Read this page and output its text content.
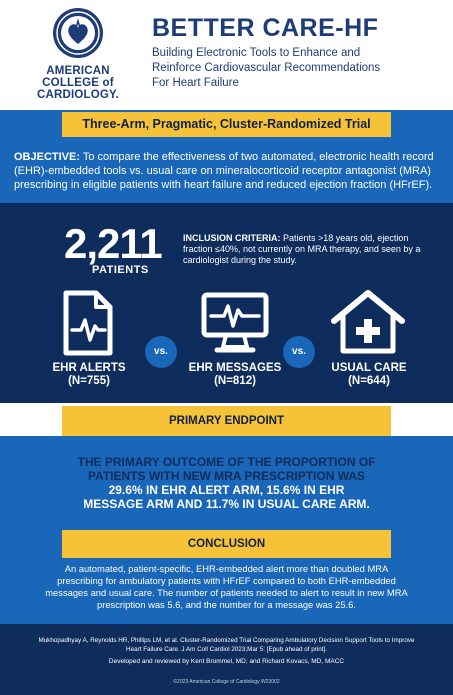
AMERICAN
COLLEGE of
CARDIOLOGY.
BETTER CARE-HF
Building Electronic Tools to Enhance and
Reinforce Cardiovascular Recommendations
For Heart Failure
Three-Arm, Pragmatic, Cluster-Randomized Trial
OBJECTIVE: To compare the effectiveness of two automated, electronic health record (EHR)-embedded tools vs. usual care on mineralocorticoid receptor antagonist (MRA) prescribing in eligible patients with heart failure and reduced ejection fraction (HFrEF).
2,211
PATIENTS
INCLUSION CRITERIA: Patients >18 years old, ejection fraction ≤40%, not currently on MRA therapy, and seen by a cardiologist during the study.
vs.	vs.
EHR ALERTS
(N=755)
EHR MESSAGES
(N=812)
USUAL CARE
(N=644)
PRIMARY ENDPOINT
THE PRIMARY OUTCOME OF THE PROPORTION OF
PATIENTS WITH NEW MRA PRESCRIPTION WAS
29.6% IN EHR ALERT ARM, 15.6% IN EHR
MESSAGE ARM AND 11.7% IN USUAL CARE ARM.
CONCLUSION
An automated, patient-specific, EHR-embedded alert more than doubled MRA
prescribing for ambulatory patients with HFrEF compared to both EHR-embedded
messages and usual care. The number of patients needed to alert to result in new MRA
prescription was 5.6, and the number for a message was 25.6.
Mukhopadhyay A, Reynolds HR, Phillips LM, et al. Cluster-Randomized Trial Comparing Ambulatory Decision Support Tools to Improve
Heart Failure Care. J Am Coll Cardiol 2023;Mar 5: [Epub ahead of print].
Developed and reviewed by Kent Brummel, MD; and Richard Kovacs, MD, MACC
©2023 American College of Cardiology W23002
